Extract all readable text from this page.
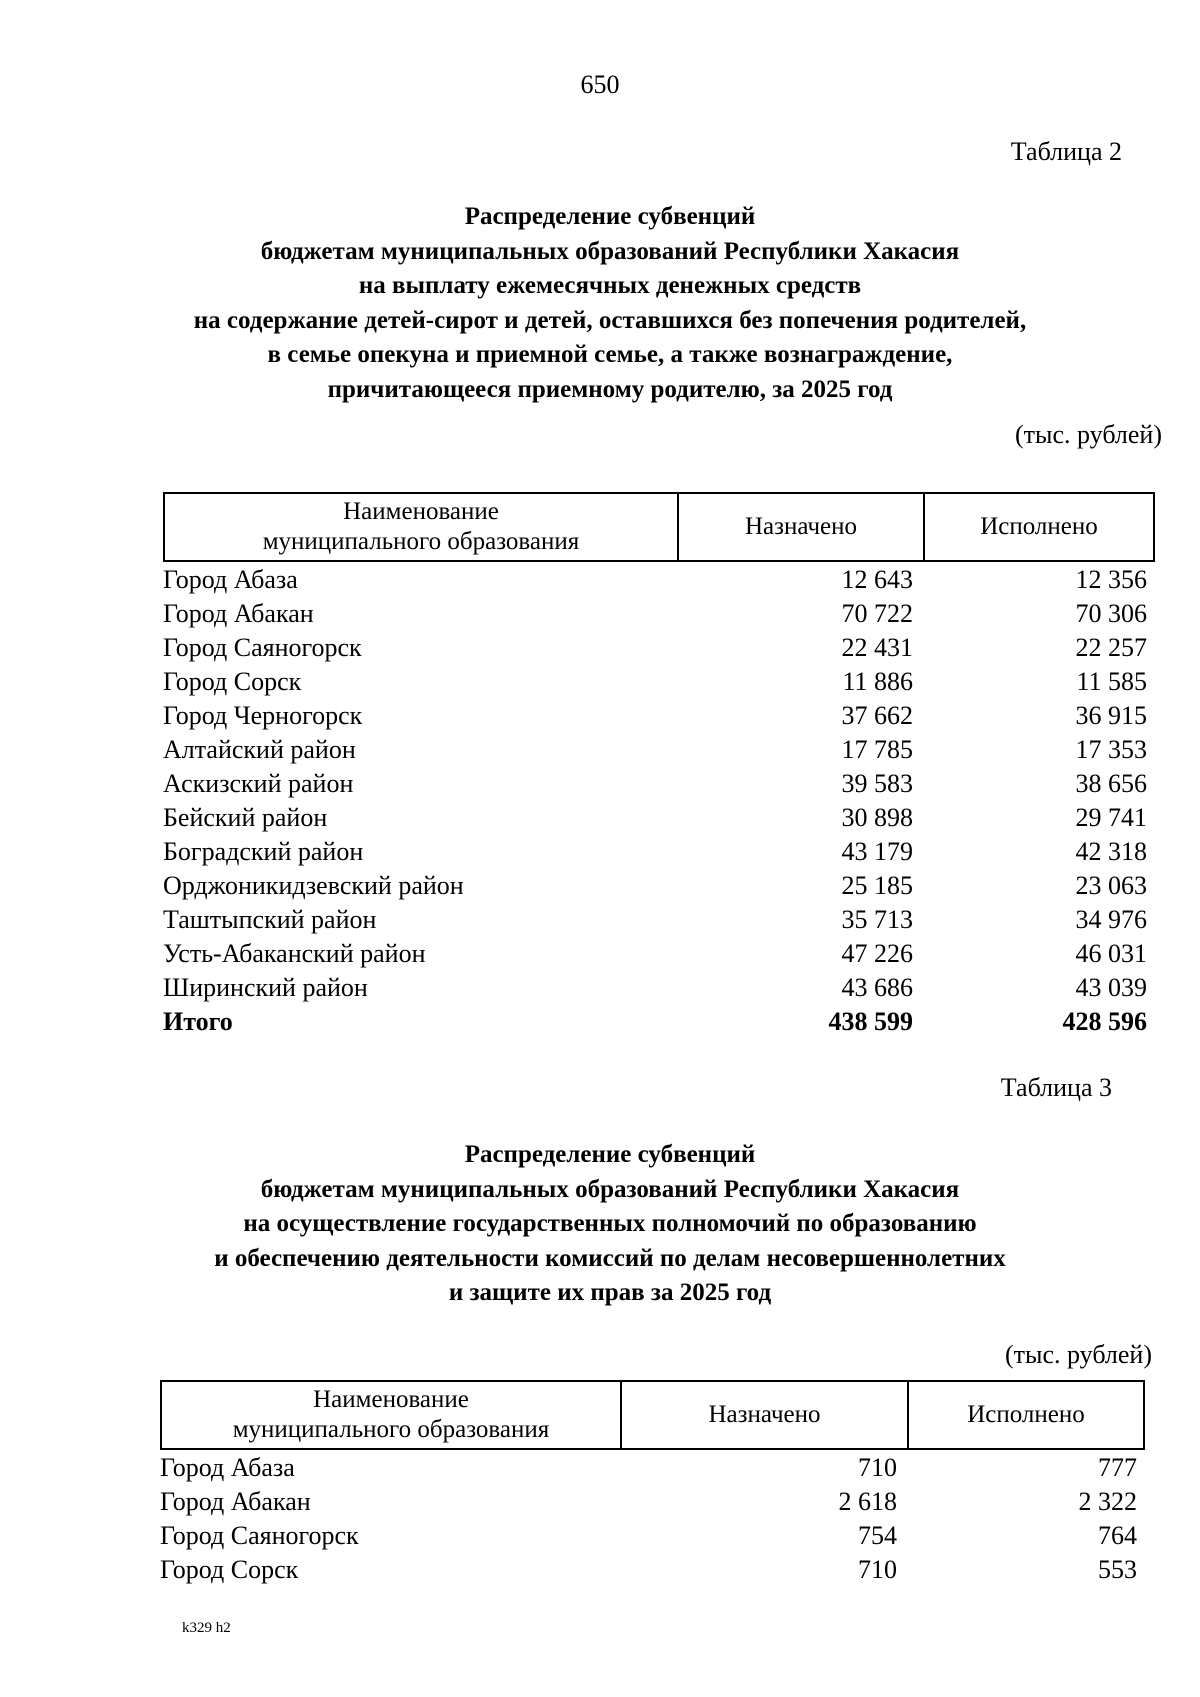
650
Таблица 2
Распределение субвенций
бюджетам муниципальных образований Республики Хакасия
на выплату ежемесячных денежных средств
на содержание детей-сирот и детей, оставшихся без попечения родителей,
в семье опекуна и приемной семье, а также вознаграждение,
причитающееся приемному родителю, за 2025 год
(тыс. рублей)
Наименование
муниципального образования
	Назначено	Исполнено
Город Абаза	12 643	12 356
Город Абакан	70 722	70 306
Город Саяногорск	22 431	22 257
Город Сорск	11 886	11 585
Город Черногорск	37 662	36 915
Алтайский район	17 785	17 353
Аскизский район	39 583	38 656
Бейский район	30 898	29 741
Боградский район	43 179	42 318
Орджоникидзевский район	25 185	23 063
Таштыпский район	35 713	34 976
Усть-Абаканский район	47 226	46 031
Ширинский район	43 686	43 039
Итого	438 599	428 596
Таблица 3
Распределение субвенций
бюджетам муниципальных образований Республики Хакасия
на осуществление государственных полномочий по образованию
и обеспечению деятельности комиссий по делам несовершеннолетних
и защите их прав за 2025 год
(тыс. рублей)
Наименование
муниципального образования
	Назначено	Исполнено
Город Абаза	710	777
Город Абакан	2 618	2 322
Город Саяногорск	754	764
Город Сорск	710	553
k329 h2
